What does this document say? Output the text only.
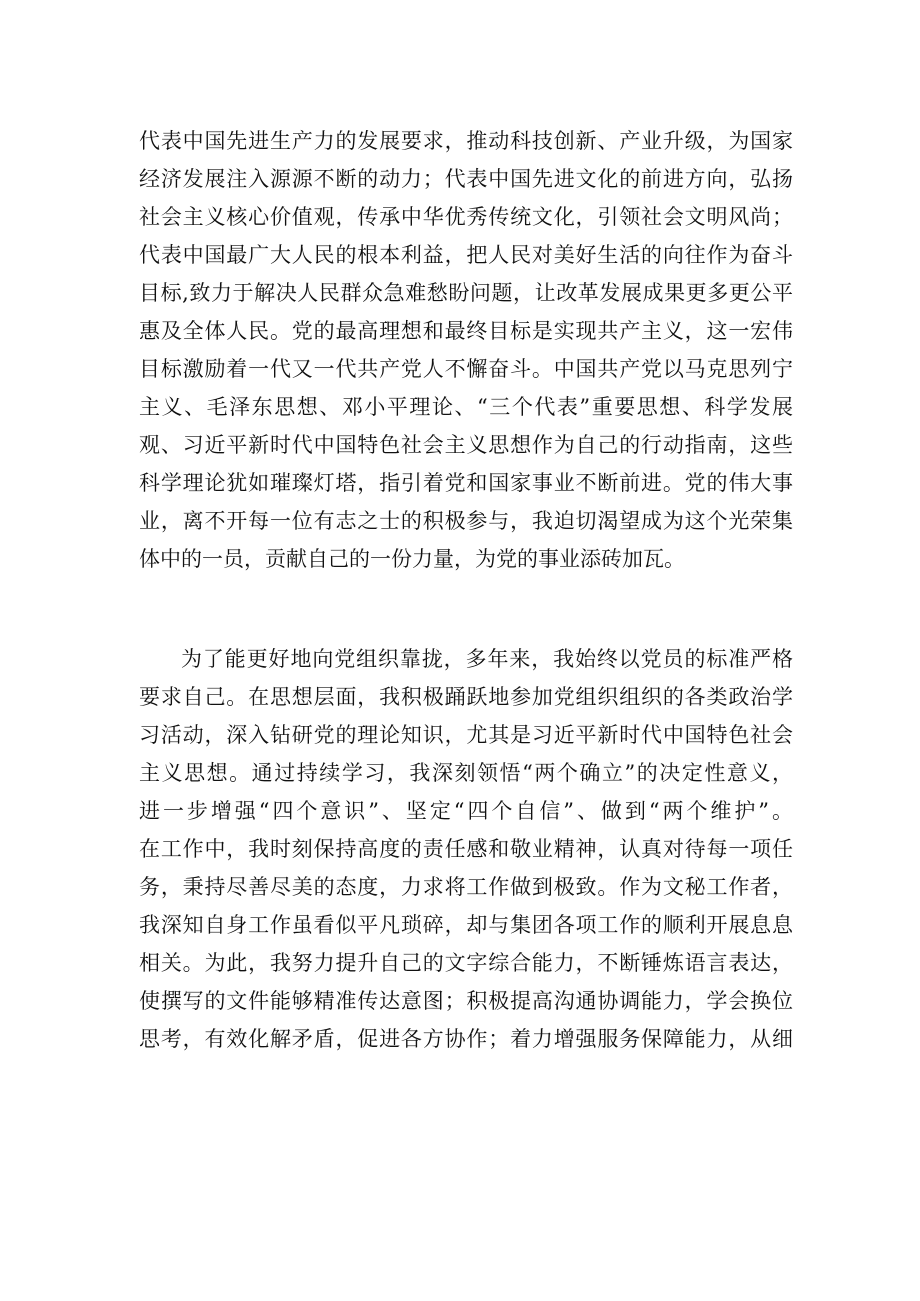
代表中国先进生产力的发展要求，推动科技创新、产业升级，为国家
经济发展注入源源不断的动力；代表中国先进文化的前进方向，弘扬
社会主义核心价值观，传承中华优秀传统文化，引领社会文明风尚；
代表中国最广大人民的根本利益，把人民对美好生活的向往作为奋斗
目标,致力于解决人民群众急难愁盼问题，让改革发展成果更多更公平
惠及全体人民。党的最高理想和最终目标是实现共产主义，这一宏伟
目标激励着一代又一代共产党人不懈奋斗。中国共产党以马克思列宁
主义、毛泽东思想、邓小平理论、“三个代表”重要思想、科学发展
观、习近平新时代中国特色社会主义思想作为自己的行动指南，这些
科学理论犹如璀璨灯塔，指引着党和国家事业不断前进。党的伟大事
业，离不开每一位有志之士的积极参与，我迫切渴望成为这个光荣集
体中的一员，贡献自己的一份力量，为党的事业添砖加瓦。
为了能更好地向党组织靠拢，多年来，我始终以党员的标准严格
要求自己。在思想层面，我积极踊跃地参加党组织组织的各类政治学
习活动，深入钻研党的理论知识，尤其是习近平新时代中国特色社会
主义思想。通过持续学习，我深刻领悟“两个确立”的决定性意义，
进一步增强“四个意识”、坚定“四个自信”、做到“两个维护”。
在工作中，我时刻保持高度的责任感和敬业精神，认真对待每一项任
务，秉持尽善尽美的态度，力求将工作做到极致。作为文秘工作者，
我深知自身工作虽看似平凡琐碎，却与集团各项工作的顺利开展息息
相关。为此，我努力提升自己的文字综合能力，不断锤炼语言表达，
使撰写的文件能够精准传达意图；积极提高沟通协调能力，学会换位
思考，有效化解矛盾，促进各方协作；着力增强服务保障能力，从细
